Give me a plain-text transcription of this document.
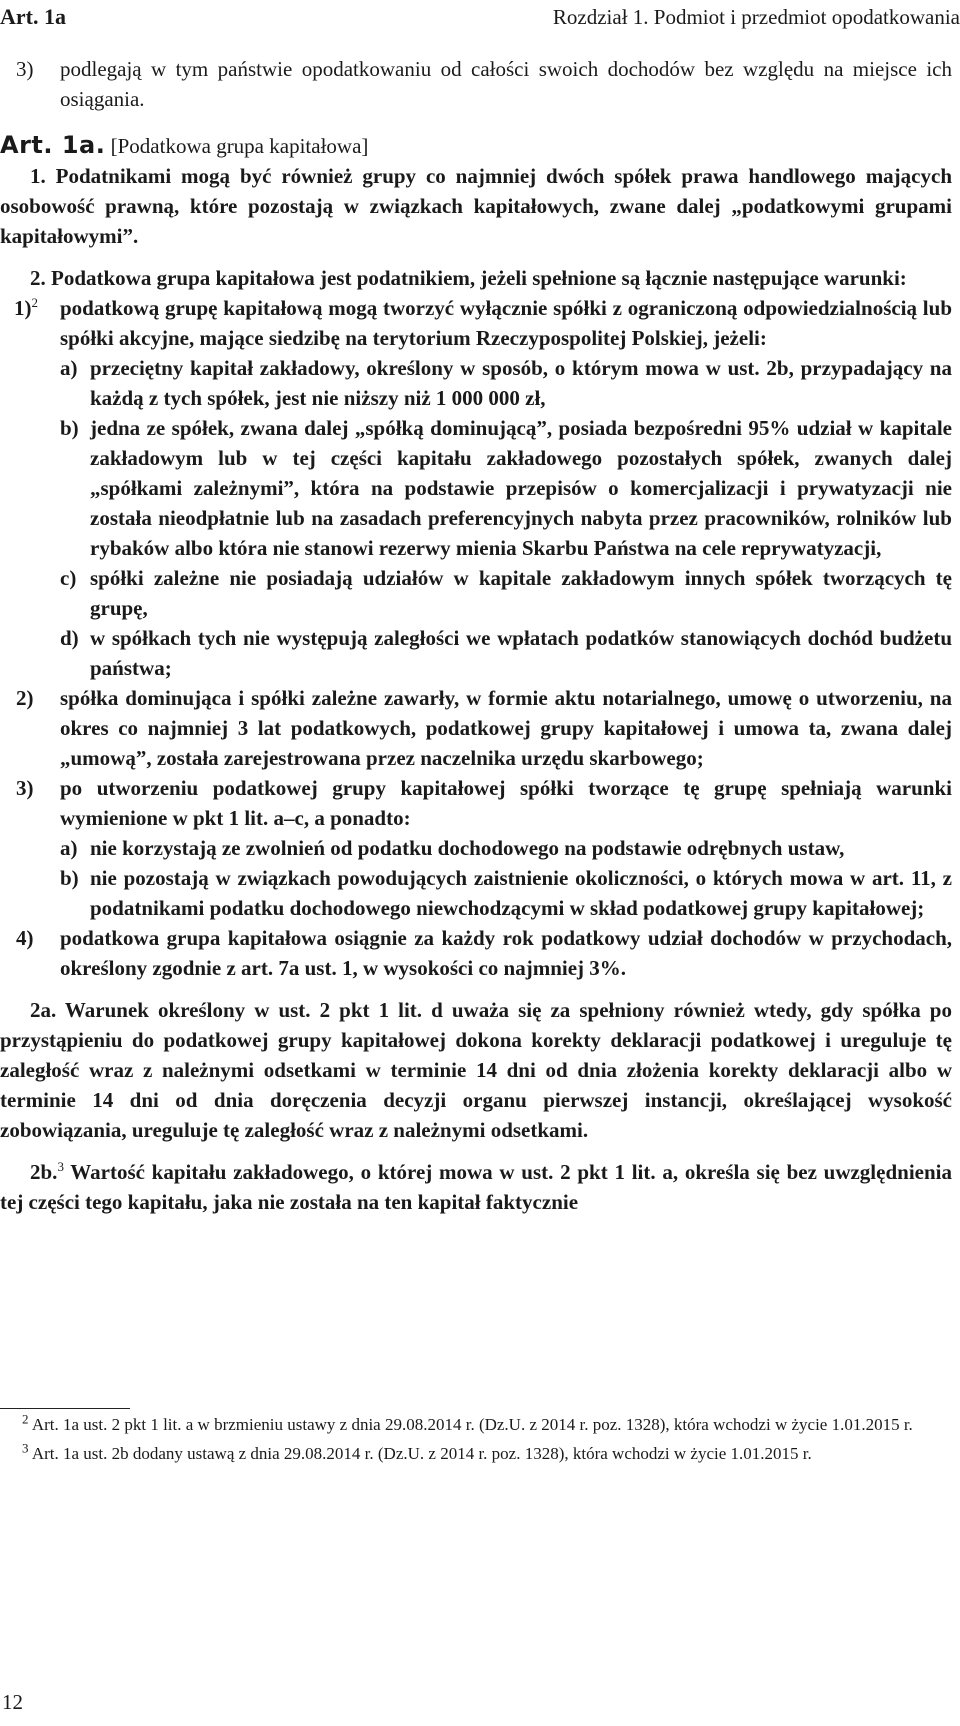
Art. 1a	Rozdział 1. Podmiot i przedmiot opodatkowania

3) podlegają w tym państwie opodatkowaniu od całości swoich dochodów bez względu na miejsce ich osiągania.

Art. 1a. [Podatkowa grupa kapitałowa]

1. Podatnikami mogą być również grupy co najmniej dwóch spółek prawa handlowego mających osobowość prawną, które pozostają w związkach kapitałowych, zwane dalej „podatkowymi grupami kapitałowymi”.

2. Podatkowa grupa kapitałowa jest podatnikiem, jeżeli spełnione są łącznie następujące warunki:

1)$^2$ podatkową grupę kapitałową mogą tworzyć wyłącznie spółki z ograniczoną odpowiedzialnością lub spółki akcyjne, mające siedzibę na terytorium Rzeczypospolitej Polskiej, jeżeli:
a) przeciętny kapitał zakładowy, określony w sposób, o którym mowa w ust. 2b, przypadający na każdą z tych spółek, jest nie niższy niż 1 000 000 zł,
b) jedna ze spółek, zwana dalej „spółką dominującą”, posiada bezpośredni 95% udział w kapitale zakładowym lub w tej części kapitału zakładowego pozostałych spółek, zwanych dalej „spółkami zależnymi”, która na podstawie przepisów o komercjalizacji i prywatyzacji nie została nieodpłatnie lub na zasadach preferencyjnych nabyta przez pracowników, rolników lub rybaków albo która nie stanowi rezerwy mienia Skarbu Państwa na cele reprywatyzacji,
c) spółki zależne nie posiadają udziałów w kapitale zakładowym innych spółek tworzących tę grupę,
d) w spółkach tych nie występują zaległości we wpłatach podatków stanowiących dochód budżetu państwa;
2) spółka dominująca i spółki zależne zawarły, w formie aktu notarialnego, umowę o utworzeniu, na okres co najmniej 3 lat podatkowych, podatkowej grupy kapitałowej i umowa ta, zwana dalej „umową”, została zarejestrowana przez naczelnika urzędu skarbowego;
3) po utworzeniu podatkowej grupy kapitałowej spółki tworzące tę grupę spełniają warunki wymienione w pkt 1 lit. a–c, a ponadto:
a) nie korzystają ze zwolnień od podatku dochodowego na podstawie odrębnych ustaw,
b) nie pozostają w związkach powodujących zaistnienie okoliczności, o których mowa w art. 11, z podatnikami podatku dochodowego niewchodzącymi w skład podatkowej grupy kapitałowej;
4) podatkowa grupa kapitałowa osiągnie za każdy rok podatkowy udział dochodów w przychodach, określony zgodnie z art. 7a ust. 1, w wysokości co najmniej 3%.

2a. Warunek określony w ust. 2 pkt 1 lit. d uważa się za spełniony również wtedy, gdy spółka po przystąpieniu do podatkowej grupy kapitałowej dokona korekty deklaracji podatkowej i ureguluje tę zaległość wraz z należnymi odsetkami w terminie 14 dni od dnia złożenia korekty deklaracji albo w terminie 14 dni od dnia doręczenia decyzji organu pierwszej instancji, określającej wysokość zobowiązania, ureguluje tę zaległość wraz z należnymi odsetkami.

2b.$^3$ Wartość kapitału zakładowego, o której mowa w ust. 2 pkt 1 lit. a, określa się bez uwzględnienia tej części tego kapitału, jaka nie została na ten kapitał faktycznie

$^2$ Art. 1a ust. 2 pkt 1 lit. a w brzmieniu ustawy z dnia 29.08.2014 r. (Dz.U. z 2014 r. poz. 1328), która wchodzi w życie 1.01.2015 r.

$^3$ Art. 1a ust. 2b dodany ustawą z dnia 29.08.2014 r. (Dz.U. z 2014 r. poz. 1328), która wchodzi w życie 1.01.2015 r.

12
